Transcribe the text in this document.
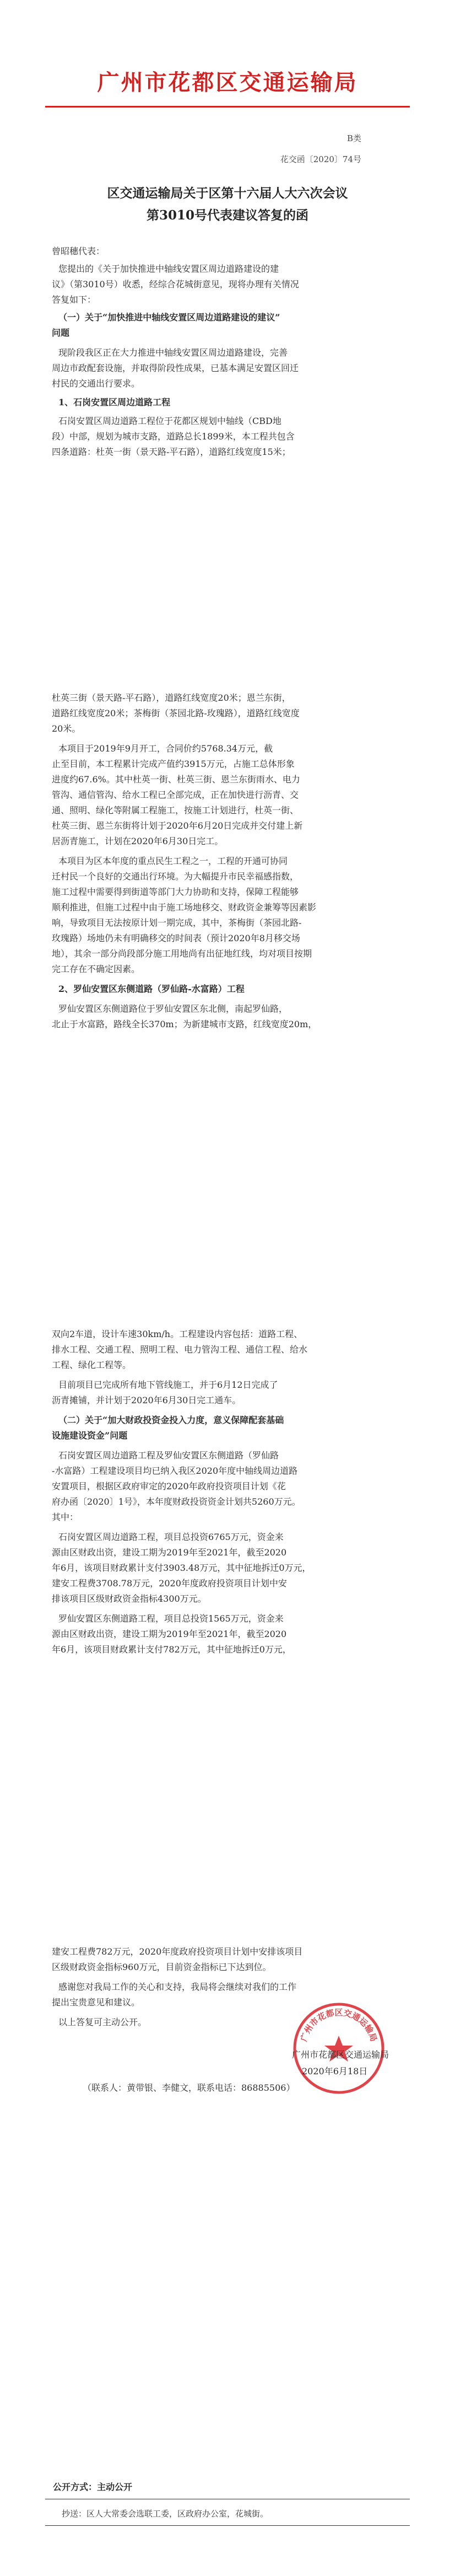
广州市花都区交通运输局
B类
花交函〔2020〕74号
区交通运输局关于区第十六届人大六次会议
第3010号代表建议答复的函
曾昭穗代表：
您提出的《关于加快推进中轴线安置区周边道路建设的建
议》（第3010号）收悉，经综合花城街意见，现将办理有关情况
答复如下：
（一）关于“加快推进中轴线安置区周边道路建设的建议”
问题
现阶段我区正在大力推进中轴线安置区周边道路建设，完善
周边市政配套设施，并取得阶段性成果，已基本满足安置区回迁
村民的交通出行要求。
1、石岗安置区周边道路工程
石岗安置区周边道路工程位于花都区规划中轴线（CBD地
段）中部，规划为城市支路，道路总长1899米，本工程共包含
四条道路：杜英一街（景天路-平石路），道路红线宽度15米；
杜英三街（景天路-平石路），道路红线宽度20米；恩兰东街，
道路红线宽度20米；茶梅街（茶园北路-玫瑰路），道路红线宽度
20米。
本项目于2019年9月开工，合同价约5768.34万元，截
止至目前，本工程累计完成产值约3915万元，占施工总体形象
进度约67.6%。其中杜英一街、杜英三街、恩兰东街雨水、电力
管沟、通信管沟、给水工程已全部完成，正在加快进行沥青、交
通、照明、绿化等附属工程施工，按施工计划进行，杜英一街、
杜英三街、恩兰东街将计划于2020年6月20日完成并交付建上新
居沥青施工，计划在2020年6月30日完工。
本项目为区本年度的重点民生工程之一，工程的开通可协同
迁村民一个良好的交通出行环境。为大幅提升市民幸福感指数，
施工过程中需要得到街道等部门大力协助和支持，保障工程能够
顺利推进，但施工过程中由于施工场地移交、财政资金兼筹等因素影
响，导致项目无法按原计划一期完成，其中，茶梅街（茶园北路-
玫瑰路）场地仍未有明确移交的时间表（预计2020年8月移交场
地），其余一部分尚段部分施工用地尚有出征地红线，均对项目按期
完工存在不确定因素。
2、罗仙安置区东侧道路（罗仙路-水富路）工程
罗仙安置区东侧道路位于罗仙安置区东北侧，南起罗仙路，
北止于水富路，路线全长370m；为新建城市支路，红线宽度20m，
双向2车道，设计车速30km/h。工程建设内容包括：道路工程、
排水工程、交通工程、照明工程、电力管沟工程、通信工程、给水
工程、绿化工程等。
目前项目已完成所有地下管线施工，并于6月12日完成了
沥青摊铺，并计划于2020年6月30日完工通车。
（二）关于“加大财政投资金投入力度，意义保障配套基础
设施建设资金”问题
石岗安置区周边道路工程及罗仙安置区东侧道路（罗仙路
-水富路）工程建设项目均已纳入我区2020年度中轴线周边道路
安置项目，根据区政府审定的2020年政府投资项目计划《花
府办函〔2020〕1号》，本年度财政投资资金计划共5260万元。
其中：
石岗安置区周边道路工程，项目总投资6765万元，资金来
源由区财政出资，建设工期为2019年至2021年，截至2020
年6月，该项目财政累计支付3903.48万元，其中征地拆迁0万元，
建安工程费3708.78万元，2020年度政府投资项目计划中安
排该项目区级财政资金指标4300万元。
罗仙安置区东侧道路工程，项目总投资1565万元，资金来
源由区财政出资，建设工期为2019年至2021年，截至2020
年6月，该项目财政累计支付782万元，其中征地拆迁0万元，
建安工程费782万元，2020年度政府投资项目计划中安排该项目
区级财政资金指标960万元，目前资金指标已下达到位。
感谢您对我局工作的关心和支持，我局将会继续对我们的工作
提出宝贵意见和建议。
以上答复可主动公开。
广州市花都区交通运输局
广州市花都区交通运输局
2020年6月18日
（联系人：黄带银、李健文，联系电话：86885506）
公开方式：主动公开
抄送：区人大常委会选联工委，区政府办公室，花城街。
